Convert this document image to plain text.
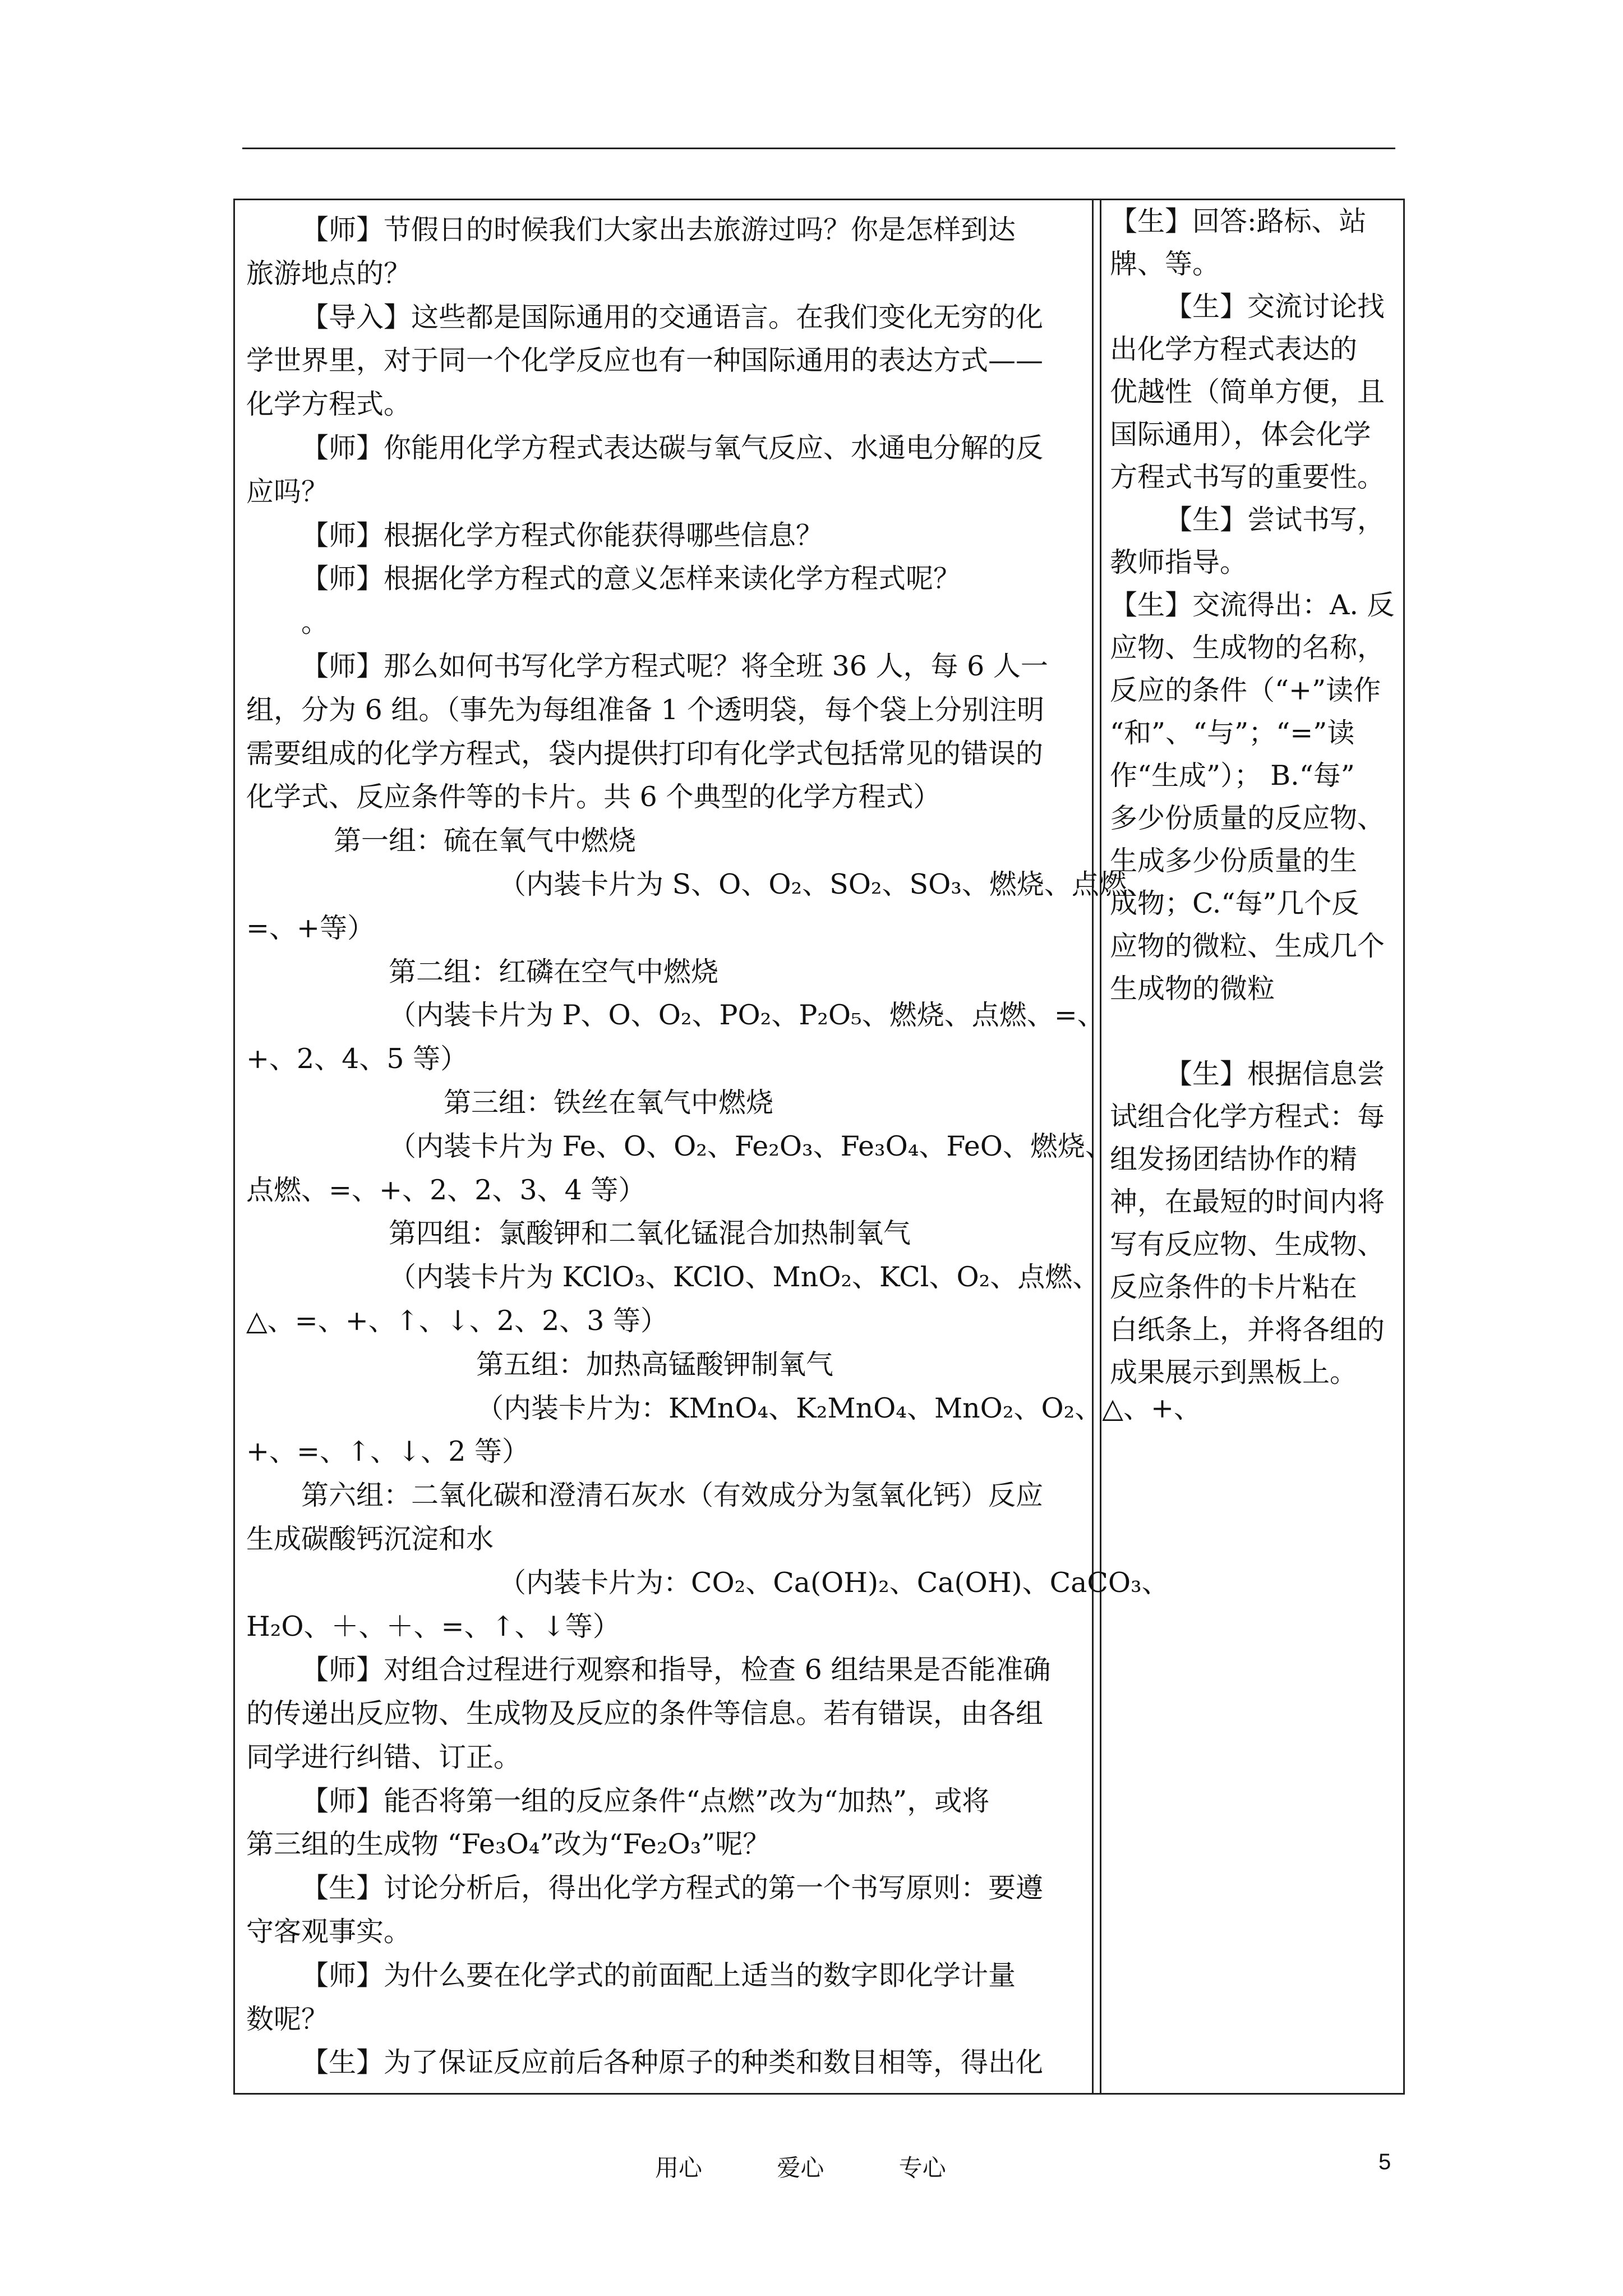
【师】节假日的时候我们大家出去旅游过吗？你是怎样到达
旅游地点的？
【导入】这些都是国际通用的交通语言。在我们变化无穷的化
学世界里，对于同一个化学反应也有一种国际通用的表达方式——
化学方程式。
【师】你能用化学方程式表达碳与氧气反应、水通电分解的反
应吗？
【师】根据化学方程式你能获得哪些信息？
【师】根据化学方程式的意义怎样来读化学方程式呢？
。
【师】那么如何书写化学方程式呢？将全班 36 人，每 6 人一
组，分为 6 组。（事先为每组准备 1 个透明袋，每个袋上分别注明
需要组成的化学方程式，袋内提供打印有化学式包括常见的错误的
化学式、反应条件等的卡片。共 6 个典型的化学方程式）
第一组：硫在氧气中燃烧
（内装卡片为 S、O、O₂、SO₂、SO₃、燃烧、点燃、
=、+等）
第二组：红磷在空气中燃烧
（内装卡片为 P、O、O₂、PO₂、P₂O₅、燃烧、点燃、=、
+、2、4、5 等）
第三组：铁丝在氧气中燃烧
（内装卡片为 Fe、O、O₂、Fe₂O₃、Fe₃O₄、FeO、燃烧、
点燃、=、+、2、2、3、4 等）
第四组：氯酸钾和二氧化锰混合加热制氧气
（内装卡片为 KClO₃、KClO、MnO₂、KCl、O₂、点燃、
△、=、+、↑、↓、2、2、3 等）
第五组：加热高锰酸钾制氧气
（内装卡片为：KMnO₄、K₂MnO₄、MnO₂、O₂、△、+、
+、=、↑、↓、2 等）
第六组：二氧化碳和澄清石灰水（有效成分为氢氧化钙）反应
生成碳酸钙沉淀和水
（内装卡片为：CO₂、Ca(OH)₂、Ca(OH)、CaCO₃、
H₂O、＋、＋、=、↑、↓等）
【师】对组合过程进行观察和指导，检查 6 组结果是否能准确
的传递出反应物、生成物及反应的条件等信息。若有错误，由各组
同学进行纠错、订正。
【师】能否将第一组的反应条件“点燃”改为“加热”，或将
第三组的生成物 “Fe₃O₄”改为“Fe₂O₃”呢？
【生】讨论分析后，得出化学方程式的第一个书写原则：要遵
守客观事实。
【师】为什么要在化学式的前面配上适当的数字即化学计量
数呢？
【生】为了保证反应前后各种原子的种类和数目相等，得出化
【生】回答:路标、站
牌、等。
【生】交流讨论找
出化学方程式表达的
优越性（简单方便，且
国际通用），体会化学
方程式书写的重要性。
【生】尝试书写，
教师指导。
【生】交流得出：A. 反
应物、生成物的名称，
反应的条件（“+”读作
“和”、“与”；“=”读
作“生成”）； B.“每”
多少份质量的反应物、
生成多少份质量的生
成物；C.“每”几个反
应物的微粒、生成几个
生成物的微粒
【生】根据信息尝
试组合化学方程式：每
组发扬团结协作的精
神，在最短的时间内将
写有反应物、生成物、
反应条件的卡片粘在
白纸条上，并将各组的
成果展示到黑板上。
用心	爱心	专心	5
